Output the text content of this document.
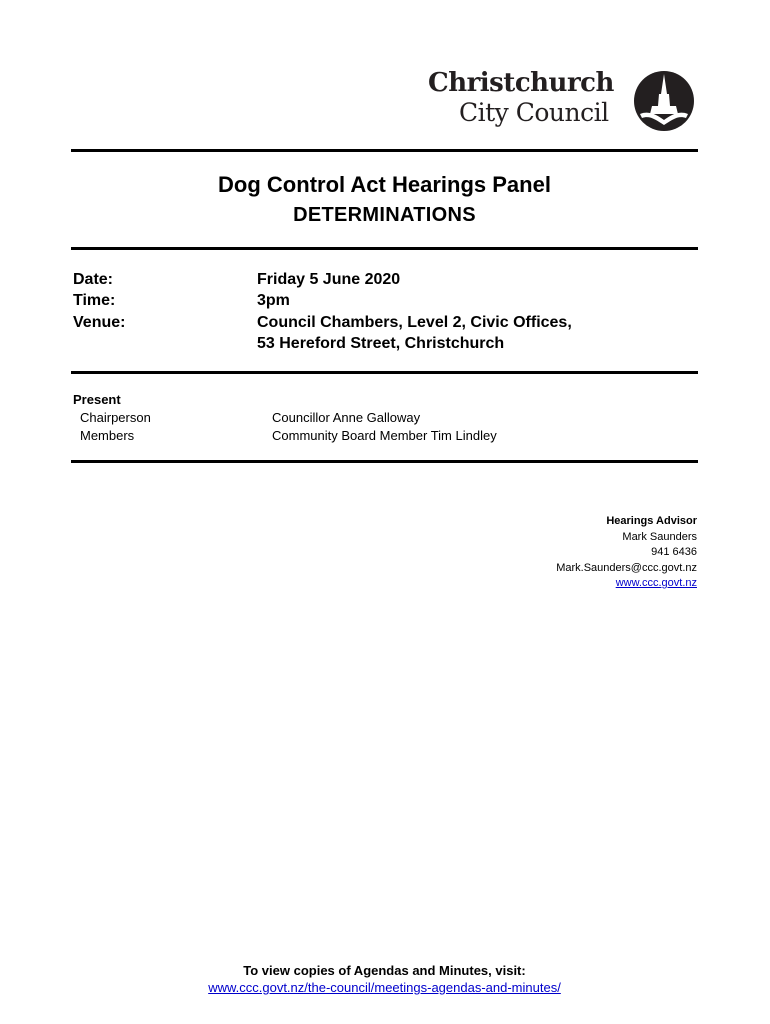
Christchurch
City Council
Dog Control Act Hearings Panel
DETERMINATIONS
Date:	Friday 5 June 2020
Time:	3pm
Venue:	Council Chambers, Level 2, Civic Offices,
53 Hereford Street, Christchurch
Present
Chairperson	Councillor Anne Galloway
Members	Community Board Member Tim Lindley
Hearings Advisor
Mark Saunders
941 6436
Mark.Saunders@ccc.govt.nz
www.ccc.govt.nz
To view copies of Agendas and Minutes, visit:
www.ccc.govt.nz/the-council/meetings-agendas-and-minutes/
